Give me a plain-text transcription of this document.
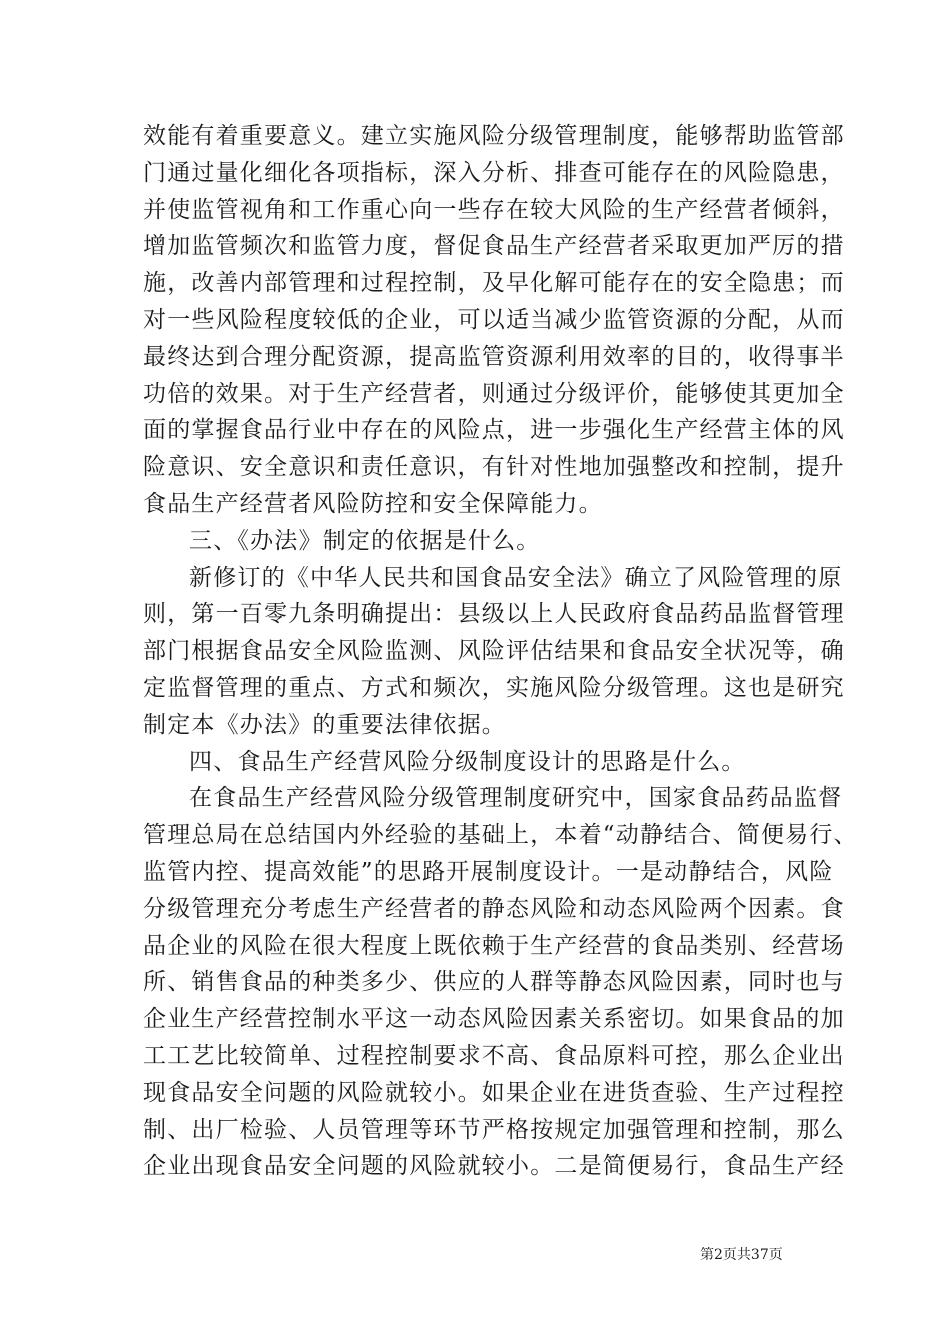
效能有着重要意义。建立实施风险分级管理制度，能够帮助监管部
门通过量化细化各项指标，深入分析、排查可能存在的风险隐患，
并使监管视角和工作重心向一些存在较大风险的生产经营者倾斜，
增加监管频次和监管力度，督促食品生产经营者采取更加严厉的措
施，改善内部管理和过程控制，及早化解可能存在的安全隐患；而
对一些风险程度较低的企业，可以适当减少监管资源的分配，从而
最终达到合理分配资源，提高监管资源利用效率的目的，收得事半
功倍的效果。对于生产经营者，则通过分级评价，能够使其更加全
面的掌握食品行业中存在的风险点，进一步强化生产经营主体的风
险意识、安全意识和责任意识，有针对性地加强整改和控制，提升
食品生产经营者风险防控和安全保障能力。
三、《办法》制定的依据是什么。
新修订的《中华人民共和国食品安全法》确立了风险管理的原
则，第一百零九条明确提出：县级以上人民政府食品药品监督管理
部门根据食品安全风险监测、风险评估结果和食品安全状况等，确
定监督管理的重点、方式和频次，实施风险分级管理。这也是研究
制定本《办法》的重要法律依据。
四、食品生产经营风险分级制度设计的思路是什么。
在食品生产经营风险分级管理制度研究中，国家食品药品监督
管理总局在总结国内外经验的基础上，本着“动静结合、简便易行、
监管内控、提高效能”的思路开展制度设计。一是动静结合，风险
分级管理充分考虑生产经营者的静态风险和动态风险两个因素。食
品企业的风险在很大程度上既依赖于生产经营的食品类别、经营场
所、销售食品的种类多少、供应的人群等静态风险因素，同时也与
企业生产经营控制水平这一动态风险因素关系密切。如果食品的加
工工艺比较简单、过程控制要求不高、食品原料可控，那么企业出
现食品安全问题的风险就较小。如果企业在进货查验、生产过程控
制、出厂检验、人员管理等环节严格按规定加强管理和控制，那么
企业出现食品安全问题的风险就较小。二是简便易行，食品生产经
第2页共37页
